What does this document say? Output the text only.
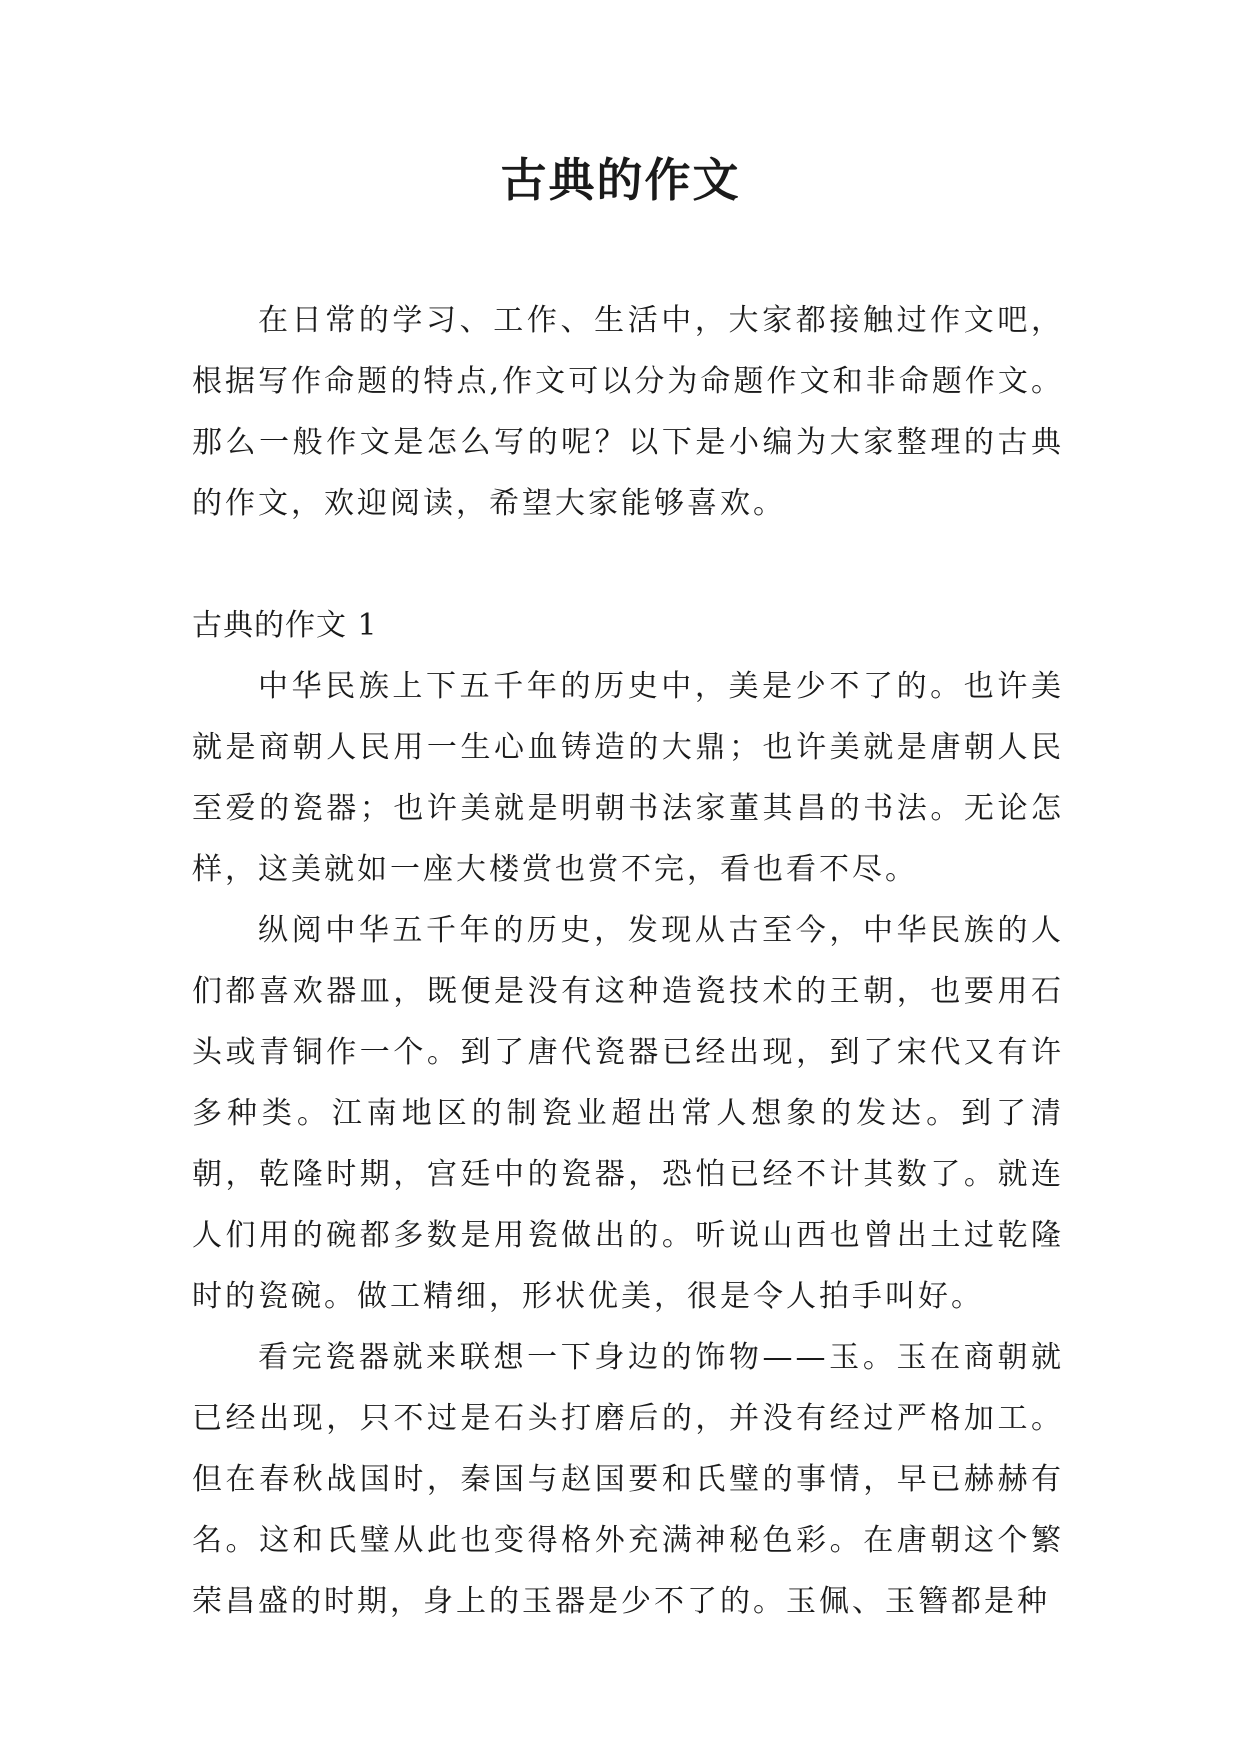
古典的作文

在日常的学习、工作、生活中，大家都接触过作文吧，根据写作命题的特点,作文可以分为命题作文和非命题作文。那么一般作文是怎么写的呢？以下是小编为大家整理的古典的作文，欢迎阅读，希望大家能够喜欢。

古典的作文 1

中华民族上下五千年的历史中，美是少不了的。也许美就是商朝人民用一生心血铸造的大鼎；也许美就是唐朝人民至爱的瓷器；也许美就是明朝书法家董其昌的书法。无论怎样，这美就如一座大楼赏也赏不完，看也看不尽。

纵阅中华五千年的历史，发现从古至今，中华民族的人们都喜欢器皿，既便是没有这种造瓷技术的王朝，也要用石头或青铜作一个。到了唐代瓷器已经出现，到了宋代又有许多种类。江南地区的制瓷业超出常人想象的发达。到了清朝，乾隆时期，宫廷中的瓷器，恐怕已经不计其数了。就连人们用的碗都多数是用瓷做出的。听说山西也曾出土过乾隆时的瓷碗。做工精细，形状优美，很是令人拍手叫好。

看完瓷器就来联想一下身边的饰物——玉。玉在商朝就已经出现，只不过是石头打磨后的，并没有经过严格加工。但在春秋战国时，秦国与赵国要和氏璧的事情，早已赫赫有名。这和氏璧从此也变得格外充满神秘色彩。在唐朝这个繁荣昌盛的时期，身上的玉器是少不了的。玉佩、玉簪都是种
